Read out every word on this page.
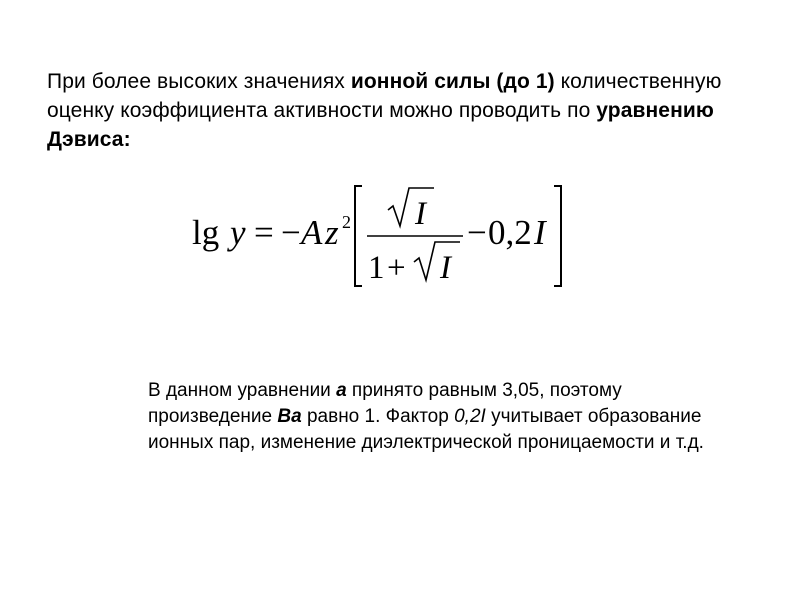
При более высоких значениях ионной силы (до 1) количественную оценку коэффициента активности можно проводить по уравнению Дэвиса:
lg y = − A z 2 I
1 + I
− 0,2 I
В данном уравнении a принято равным 3,05, поэтому произведение Ba равно 1. Фактор 0,2I учитывает образование ионных пар, изменение диэлектрической проницаемости и т.д.
